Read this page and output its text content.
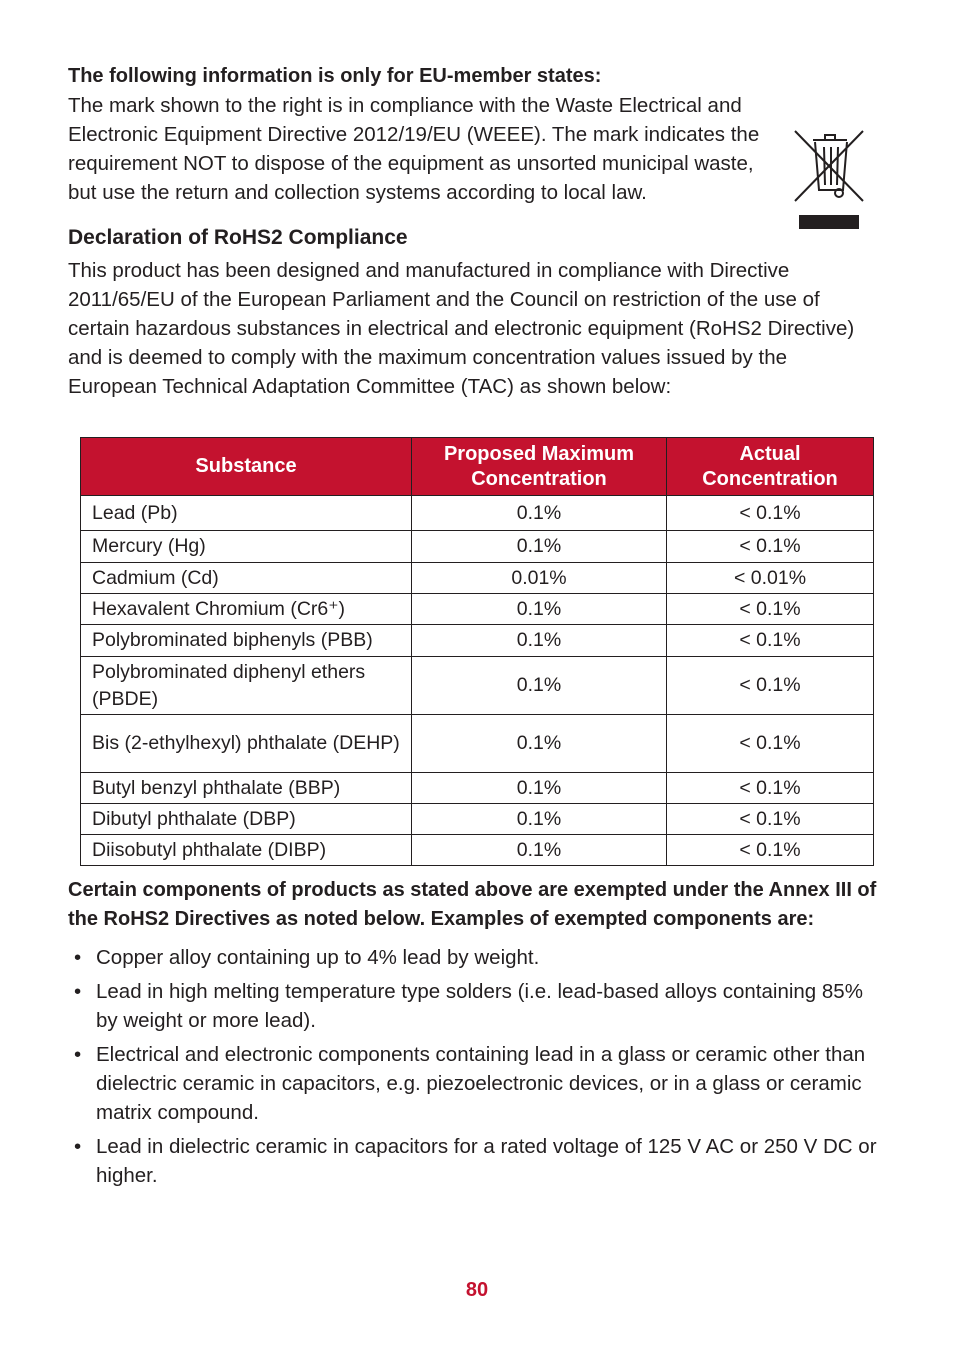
The following information is only for EU-member states:

The mark shown to the right is in compliance with the Waste Electrical and Electronic Equipment Directive 2012/19/EU (WEEE). The mark indicates the requirement NOT to dispose of the equipment as unsorted municipal waste, but use the return and collection systems according to local law.

Declaration of RoHS2 Compliance

This product has been designed and manufactured in compliance with Directive 2011/65/EU of the European Parliament and the Council on restriction of the use of certain hazardous substances in electrical and electronic equipment (RoHS2 Directive) and is deemed to comply with the maximum concentration values issued by the European Technical Adaptation Committee (TAC) as shown below:

Substance	Proposed Maximum Concentration	Actual Concentration
Lead (Pb)	0.1%	< 0.1%
Mercury (Hg)	0.1%	< 0.1%
Cadmium (Cd)	0.01%	< 0.01%
Hexavalent Chromium (Cr6⁺)	0.1%	< 0.1%
Polybrominated biphenyls (PBB)	0.1%	< 0.1%
Polybrominated diphenyl ethers (PBDE)	0.1%	< 0.1%
Bis (2-ethylhexyl) phthalate (DEHP)	0.1%	< 0.1%
Butyl benzyl phthalate (BBP)	0.1%	< 0.1%
Dibutyl phthalate (DBP)	0.1%	< 0.1%
Diisobutyl phthalate (DIBP)	0.1%	< 0.1%

Certain components of products as stated above are exempted under the Annex III of the RoHS2 Directives as noted below. Examples of exempted components are:

• Copper alloy containing up to 4% lead by weight.
• Lead in high melting temperature type solders (i.e. lead-based alloys containing 85% by weight or more lead).
• Electrical and electronic components containing lead in a glass or ceramic other than dielectric ceramic in capacitors, e.g. piezoelectronic devices, or in a glass or ceramic matrix compound.
• Lead in dielectric ceramic in capacitors for a rated voltage of 125 V AC or 250 V DC or higher.
80
